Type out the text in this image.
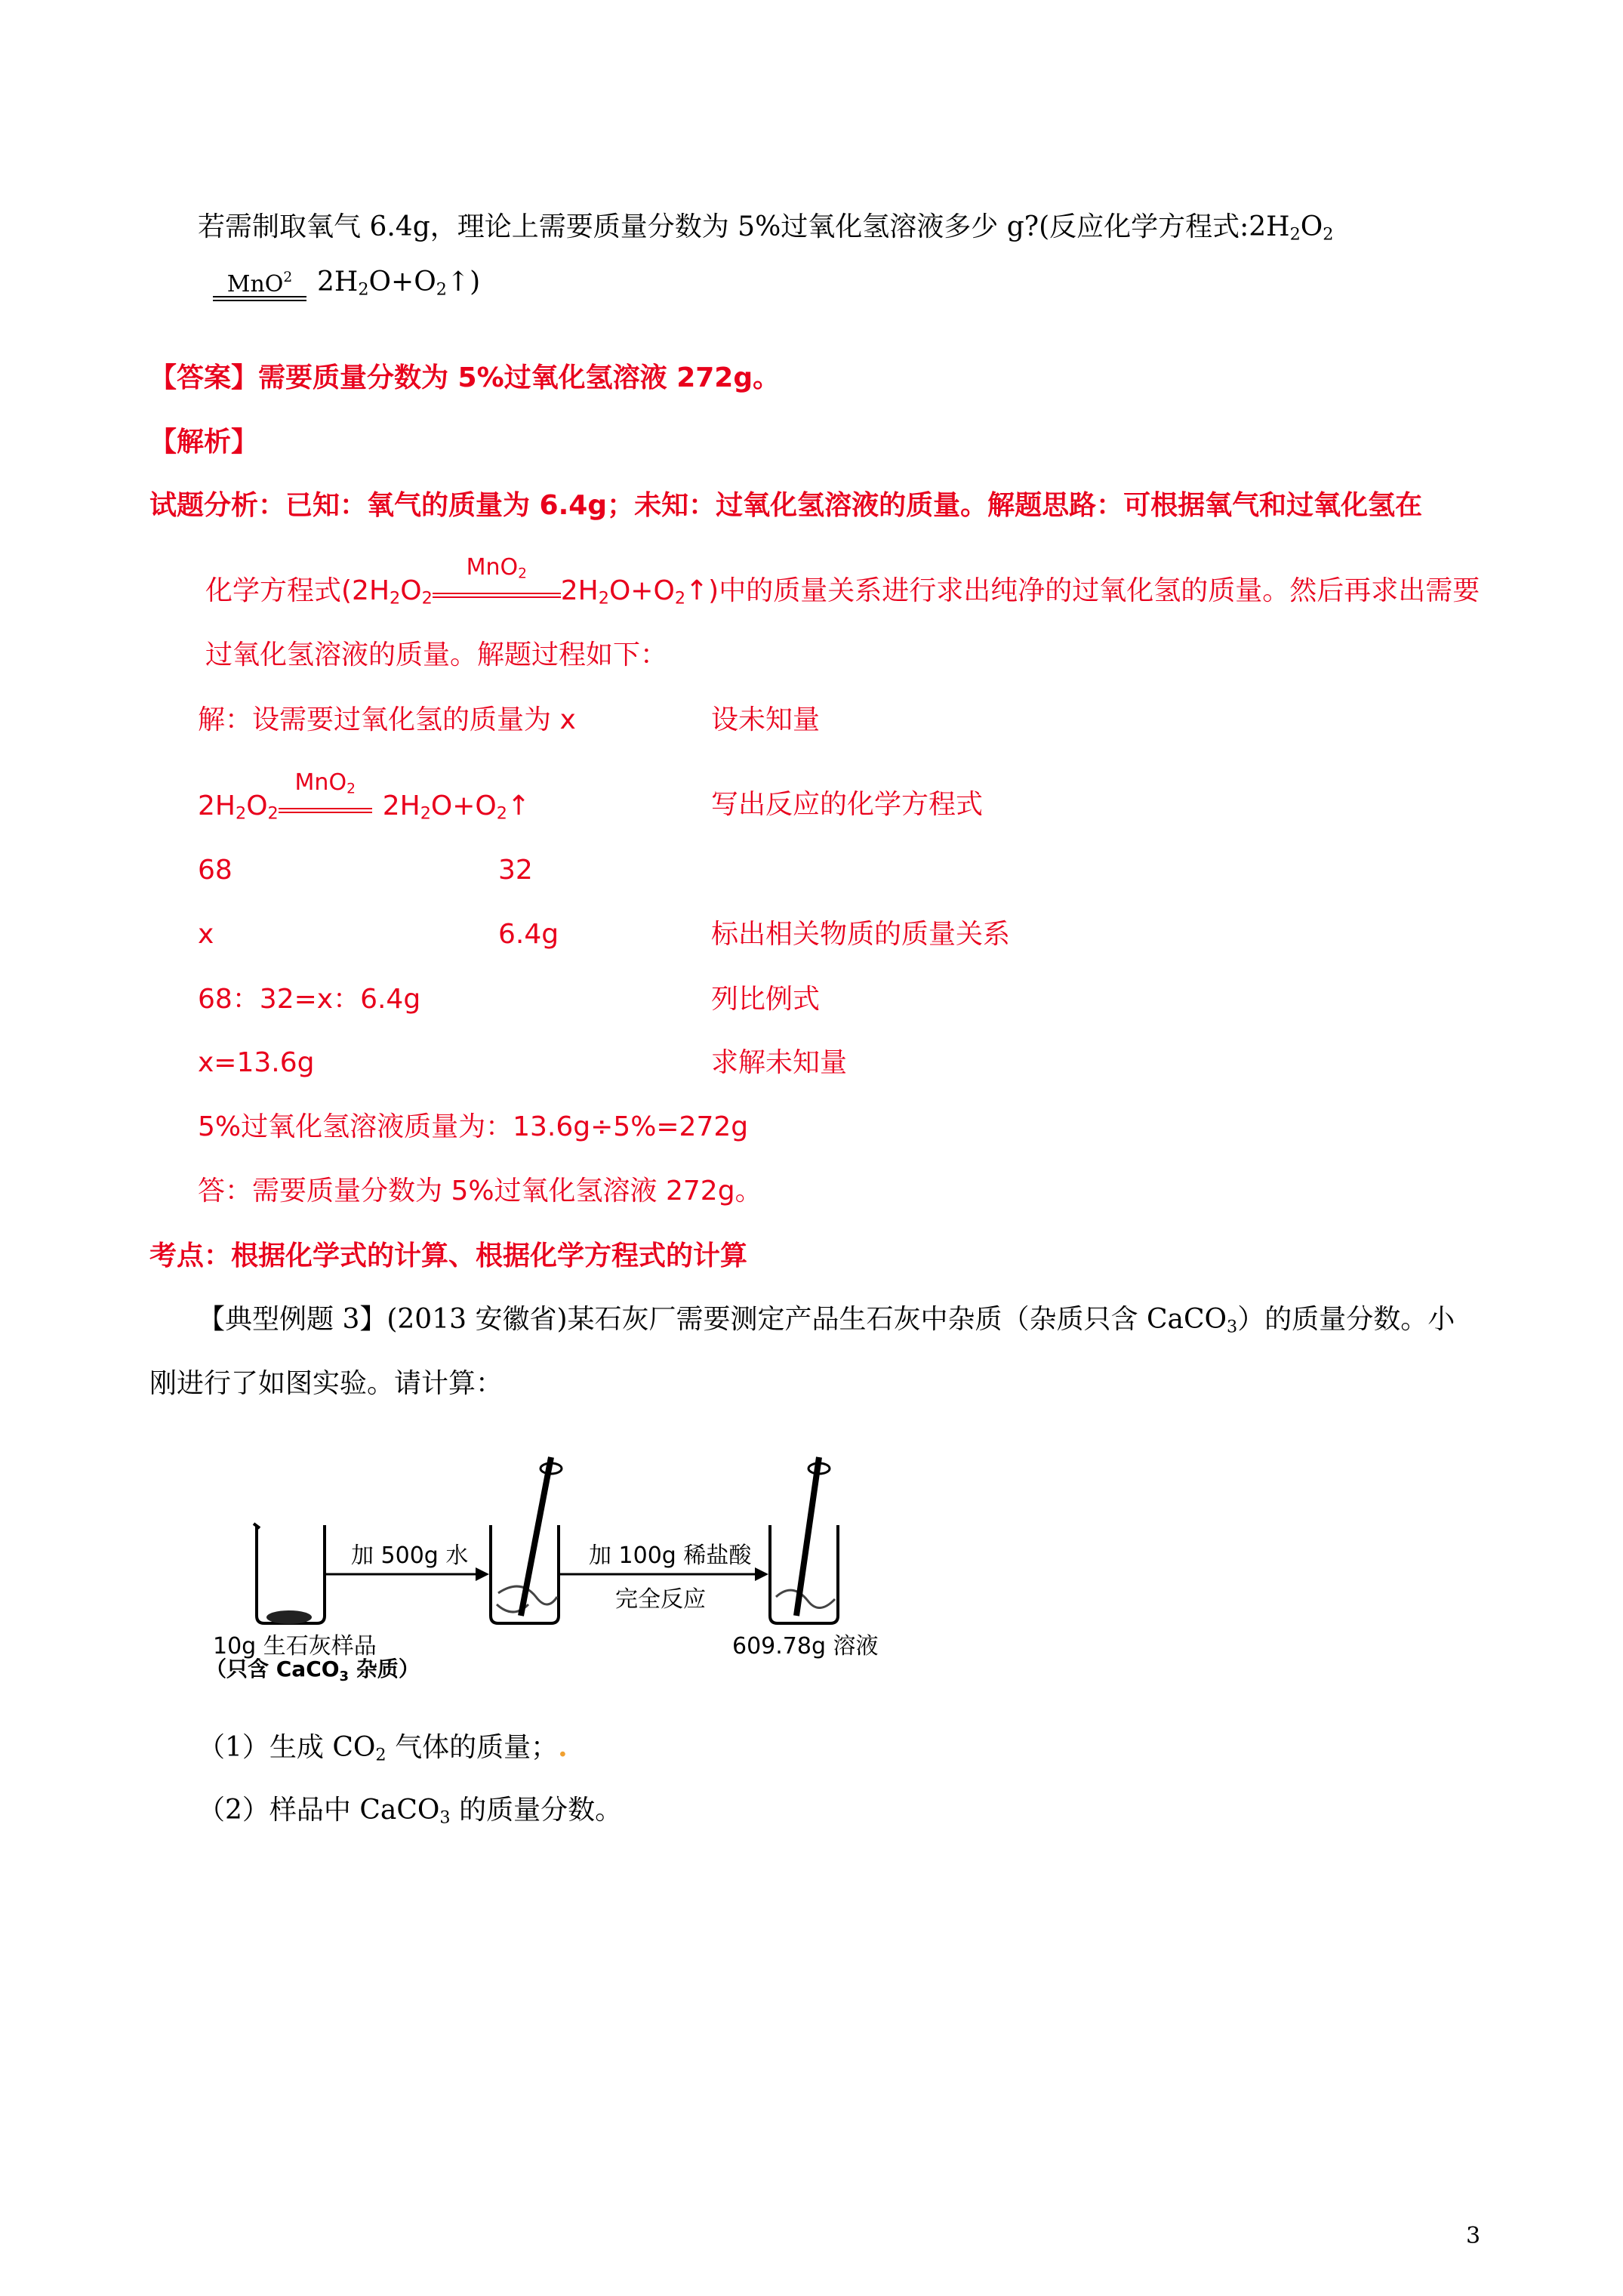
若需制取氧气 6.4g，理论上需要质量分数为 5%过氧化氢溶液多少 g?(反应化学方程式$:2H_2O_2$
MnO$^2$ $2H_2O+O_2↑$)
【答案】需要质量分数为 5%过氧化氢溶液 272g。
【解析】
试题分析：已知：氧气的质量为 6.4g；未知：过氧化氢溶液的质量。解题思路：可根据氧气和过氧化氢在
化学方程式($2H_2O_2$
MnO$_2$
$2H_2O+O_2↑$)中的质量关系进行求出纯净的过氧化氢的质量。然后再求出需要
过氧化氢溶液的质量。解题过程如下：
解：设需要过氧化氢的质量为 x	设未知量
$2H_2O_2$
MnO$_2$
$2H_2O+O_2↑$	写出反应的化学方程式
68	32
x	6.4g	标出相关物质的质量关系
68：32=x：6.4g	列比例式
x=13.6g	求解未知量
5%过氧化氢溶液质量为：13.6g÷5%=272g
答：需要质量分数为 5%过氧化氢溶液 272g。
考点：根据化学式的计算、根据化学方程式的计算
【典型例题 3】(2013 安徽省)某石灰厂需要测定产品生石灰中杂质（杂质只含 CaCO$_3$）的质量分数。小
刚进行了如图实验。请计算：
加 500g 水	加 100g 稀盐酸
完全反应
10g 生石灰样品
（只含 CaCO$_3$ 杂质）
609.78g 溶液
（1）生成 $CO_2$ 气体的质量；.
（2）样品中 CaCO$_3$ 的质量分数。
3
